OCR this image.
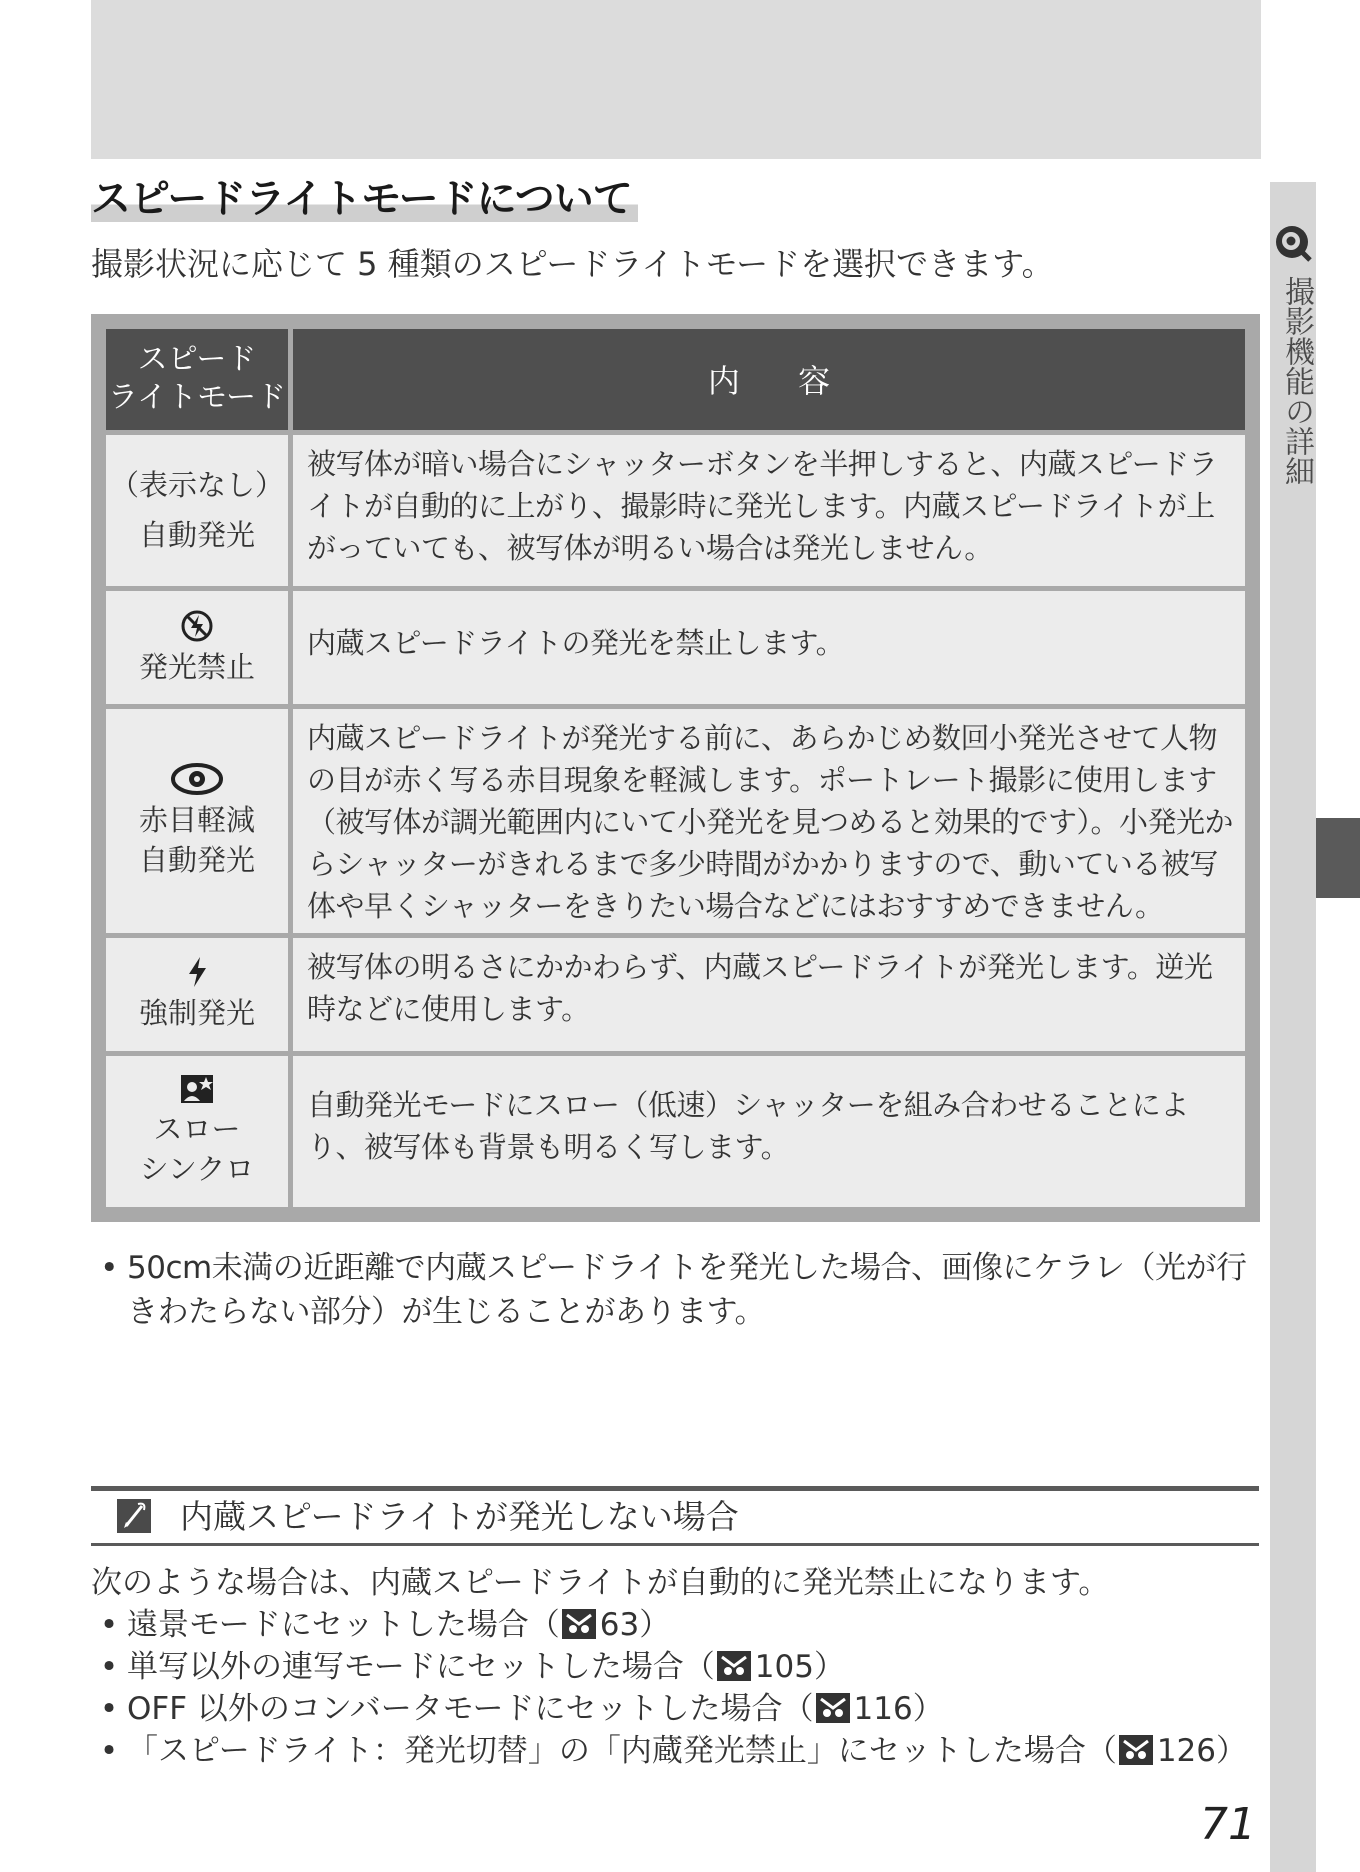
撮影機能の詳細
スピードライトモードについて
撮影状況に応じて 5 種類のスピードライトモードを選択できます。
スピード
ライトモード	内 容

（表示なし）
自動発光	被写体が暗い場合にシャッターボタンを半押しすると、内蔵スピードライトが自動的に上がり、撮影時に発光します。内蔵スピードライトが上がっていても、被写体が明るい場合は発光しません。

発光禁止	内蔵スピードライトの発光を禁止します。

赤目軽減
自動発光	内蔵スピードライトが発光する前に、あらかじめ数回小発光させて人物の目が赤く写る赤目現象を軽減します。ポートレート撮影に使用します（被写体が調光範囲内にいて小発光を見つめると効果的です）。小発光からシャッターがきれるまで多少時間がかかりますので、動いている被写体や早くシャッターをきりたい場合などにはおすすめできません。

強制発光	被写体の明るさにかかわらず、内蔵スピードライトが発光します。逆光時などに使用します。

スロー
シンクロ	自動発光モードにスロー（低速）シャッターを組み合わせることにより、被写体も背景も明るく写します。
• 50cm未満の近距離で内蔵スピードライトを発光した場合、画像にケラレ（光が行きわたらない部分）が生じることがあります。
内蔵スピードライトが発光しない場合
次のような場合は、内蔵スピードライトが自動的に発光禁止になります。
• 遠景モードにセットした場合（ 63）
• 単写以外の連写モードにセットした場合（ 105）
• OFF 以外のコンバータモードにセットした場合（ 116）
• 「スピードライト：発光切替」の「内蔵発光禁止」にセットした場合（ 126）
71
